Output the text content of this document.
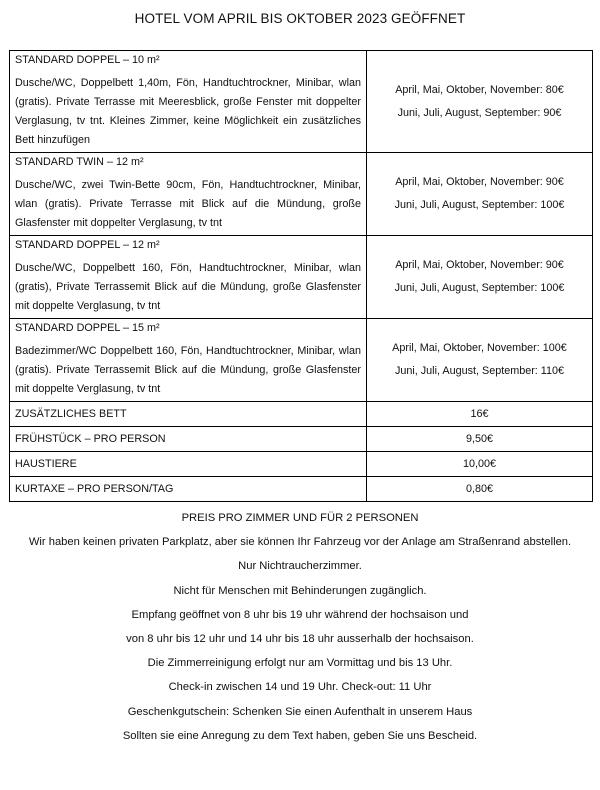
HOTEL VOM APRIL BIS OKTOBER 2023 GEÖFFNET
STANDARD DOPPEL – 10 m²
Dusche/WC, Doppelbett 1,40m, Fön, Handtuchtrockner, Minibar, wlan (gratis). Private Terrasse mit Meeresblick, große Fenster mit doppelter Verglasung, tv tnt. Kleines Zimmer, keine Möglichkeit ein zusätzliches Bett hinzufügen	April, Mai, Oktober, November: 80€
Juni, Juli, August, September: 90€

STANDARD TWIN – 12 m²
Dusche/WC, zwei Twin-Bette 90cm, Fön, Handtuchtrockner, Minibar, wlan (gratis). Private Terrasse mit Blick auf die Mündung, große Glasfenster mit doppelter Verglasung, tv tnt	April, Mai, Oktober, November: 90€
Juni, Juli, August, September: 100€

STANDARD DOPPEL – 12 m²
Dusche/WC, Doppelbett 160, Fön, Handtuchtrockner, Minibar, wlan (gratis), Private Terrassemit Blick auf die Mündung, große Glasfenster mit doppelte Verglasung, tv tnt	April, Mai, Oktober, November: 90€
Juni, Juli, August, September: 100€

STANDARD DOPPEL – 15 m²
Badezimmer/WC Doppelbett 160, Fön, Handtuchtrockner, Minibar, wlan (gratis). Private Terrassemit Blick auf die Mündung, große Glasfenster mit doppelte Verglasung, tv tnt	April, Mai, Oktober, November: 100€
Juni, Juli, August, September: 110€

ZUSÄTZLICHES BETT	16€
FRÜHSTÜCK – PRO PERSON	9,50€
HAUSTIERE	10,00€
KURTAXE – PRO PERSON/TAG	0,80€

PREIS PRO ZIMMER UND FÜR 2 PERSONEN

Wir haben keinen privaten Parkplatz, aber sie können Ihr Fahrzeug vor der Anlage am Straßenrand abstellen.

Nur Nichtraucherzimmer.

Nicht für Menschen mit Behinderungen zugänglich.

Empfang geöffnet von 8 uhr bis 19 uhr während der hochsaison und

von 8 uhr bis 12 uhr und 14 uhr bis 18 uhr ausserhalb der hochsaison.

Die Zimmerreinigung erfolgt nur am Vormittag und bis 13 Uhr.

Check-in zwischen 14 und 19 Uhr. Check-out: 11 Uhr

Geschenkgutschein: Schenken Sie einen Aufenthalt in unserem Haus

Sollten sie eine Anregung zu dem Text haben, geben Sie uns Bescheid.
